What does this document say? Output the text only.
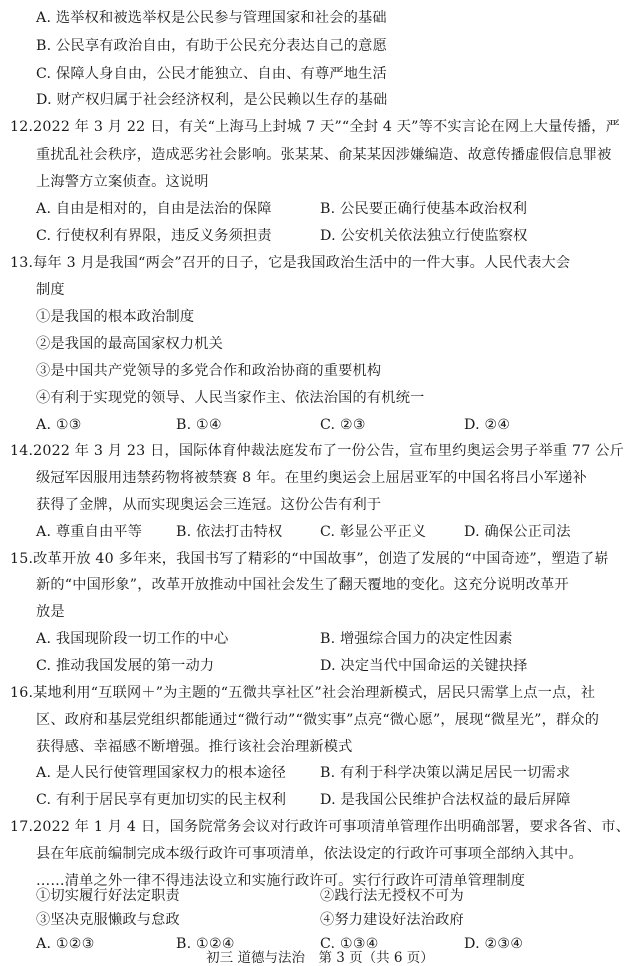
A. 选举权和被选举权是公民参与管理国家和社会的基础
B. 公民享有政治自由，有助于公民充分表达自己的意愿
C. 保障人身自由，公民才能独立、自由、有尊严地生活
D. 财产权归属于社会经济权利，是公民赖以生存的基础
12.2022 年 3 月 22 日，有关“上海马上封城 7 天”“全封 4 天”等不实言论在网上大量传播，严
重扰乱社会秩序，造成恶劣社会影响。张某某、俞某某因涉嫌编造、故意传播虚假信息罪被
上海警方立案侦查。这说明
A. 自由是相对的，自由是法治的保障	B. 公民要正确行使基本政治权利
C. 行使权利有界限，违反义务须担责	D. 公安机关依法独立行使监察权
13.每年 3 月是我国“两会”召开的日子，它是我国政治生活中的一件大事。人民代表大会
制度
①是我国的根本政治制度
②是我国的最高国家权力机关
③是中国共产党领导的多党合作和政治协商的重要机构
④有利于实现党的领导、人民当家作主、依法治国的有机统一
A. ①③	B. ①④	C. ②③	D. ②④
14.2022 年 3 月 23 日，国际体育仲裁法庭发布了一份公告，宣布里约奥运会男子举重 77 公斤
级冠军因服用违禁药物将被禁赛 8 年。在里约奥运会上屈居亚军的中国名将吕小军递补
获得了金牌，从而实现奥运会三连冠。这份公告有利于
A. 尊重自由平等 B. 依法打击特权	C. 彰显公平正义	D. 确保公正司法
15.改革开放 40 多年来，我国书写了精彩的“中国故事”，创造了发展的“中国奇迹”，塑造了崭
新的“中国形象”，改革开放推动中国社会发生了翻天覆地的变化。这充分说明改革开
放是
A. 我国现阶段一切工作的中心	B. 增强综合国力的决定性因素
C. 推动我国发展的第一动力	D. 决定当代中国命运的关键抉择
16.某地利用“互联网＋”为主题的“五微共享社区”社会治理新模式，居民只需掌上点一点，社
区、政府和基层党组织都能通过“微行动”“微实事”点亮“微心愿”，展现“微星光”，群众的
获得感、幸福感不断增强。推行该社会治理新模式
A. 是人民行使管理国家权力的根本途径 B. 有利于科学决策以满足居民一切需求
C. 有利于居民享有更加切实的民主权利 D. 是我国公民维护合法权益的最后屏障
17.2022 年 1 月 4 日，国务院常务会议对行政许可事项清单管理作出明确部署，要求各省、市、
县在年底前编制完成本级行政许可事项清单，依法设定的行政许可事项全部纳入其中。
……清单之外一律不得违法设立和实施行政许可。实行行政许可清单管理制度
①切实履行好法定职责	②践行法无授权不可为
③坚决克服懒政与怠政	④努力建设好法治政府
初三 道德与法治　第 3 页（共 6 页）
A. ①②③	B. ①②④	C. ①③④	D. ②③④
